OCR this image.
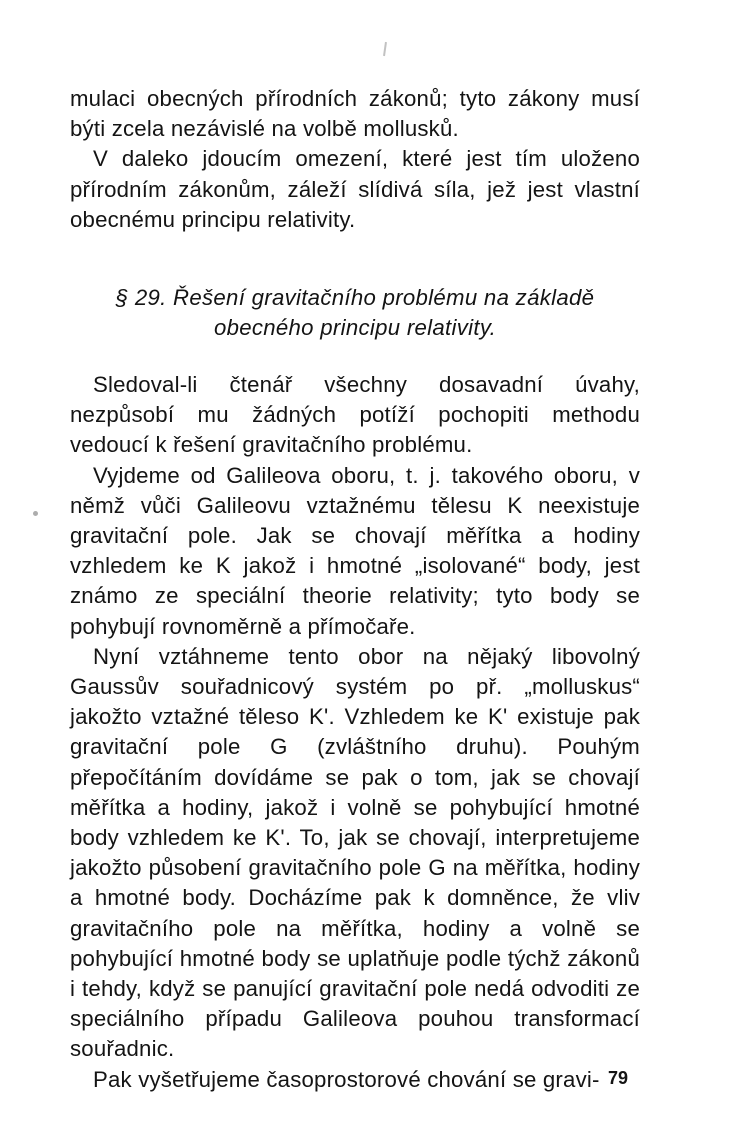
mulaci obecných přírodních zákonů; tyto zákony musí býti zcela nezávislé na volbě mollusků.

V daleko jdoucím omezení, které jest tím uloženo přírodním zákonům, záleží slídivá síla, jež jest vlastní obecnému principu relativity.

§ 29. Řešení gravitačního problému na základě
obecného principu relativity.

Sledoval-li čtenář všechny dosavadní úvahy, nezpůsobí mu žádných potíží pochopiti methodu vedoucí k řešení gravitačního problému.

Vyjdeme od Galileova oboru, t. j. takového oboru, v němž vůči Galileovu vztažnému tělesu K neexistuje gravitační pole. Jak se chovají měřítka a hodiny vzhledem ke K jakož i hmotné „isolované“ body, jest známo ze speciální theorie relativity; tyto body se pohybují rovnoměrně a přímočaře.

Nyní vztáhneme tento obor na nějaký libovolný Gaussův souřadnicový systém po př. „molluskus“ jakožto vztažné těleso K'. Vzhledem ke K' existuje pak gravitační pole G (zvláštního druhu). Pouhým přepočítáním dovídáme se pak o tom, jak se chovají měřítka a hodiny, jakož i volně se pohybující hmotné body vzhledem ke K'. To, jak se chovají, interpretujeme jakožto působení gravitačního pole G na měřítka, hodiny a hmotné body. Docházíme pak k domněnce, že vliv gravitačního pole na měřítka, hodiny a volně se pohybující hmotné body se uplatňuje podle týchž zákonů i tehdy, když se panující gravitační pole nedá odvoditi ze speciálního případu Galileova pouhou transformací souřadnic.

Pak vyšetřujeme časoprostorové chování se gravi- 79
